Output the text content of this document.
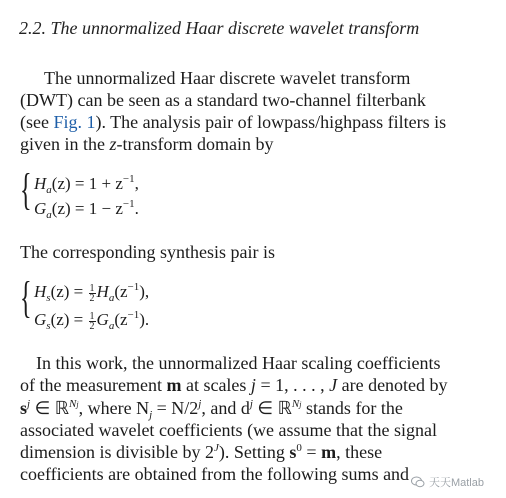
2.2. The unnormalized Haar discrete wavelet transform
The unnormalized Haar discrete wavelet transform
(DWT) can be seen as a standard two-channel filterbank
(see Fig. 1). The analysis pair of lowpass/highpass filters is
given in the z-transform domain by
{ $H_a(z) = 1 + z^{-1}$,
$G_a(z) = 1 - z^{-1}$.
The corresponding synthesis pair is
{ $H_s(z) = \frac{1}{2} H_a(z^{-1})$,
$G_s(z) = \frac{1}{2} G_a(z^{-1})$.
In this work, the unnormalized Haar scaling coefficients
of the measurement m at scales j = 1, . . . , J are denoted by
$s^j$ ∈ ℝ$^{Nj}$, where $N_j = N/2^j$, and $d^j$ ∈ ℝ$^{Nj}$ stands for the
associated wavelet coefficients (we assume that the signal
dimension is divisible by $2^J$). Setting $s^0 = m$, these
coefficients are obtained from the following sums and 天天Matlab
